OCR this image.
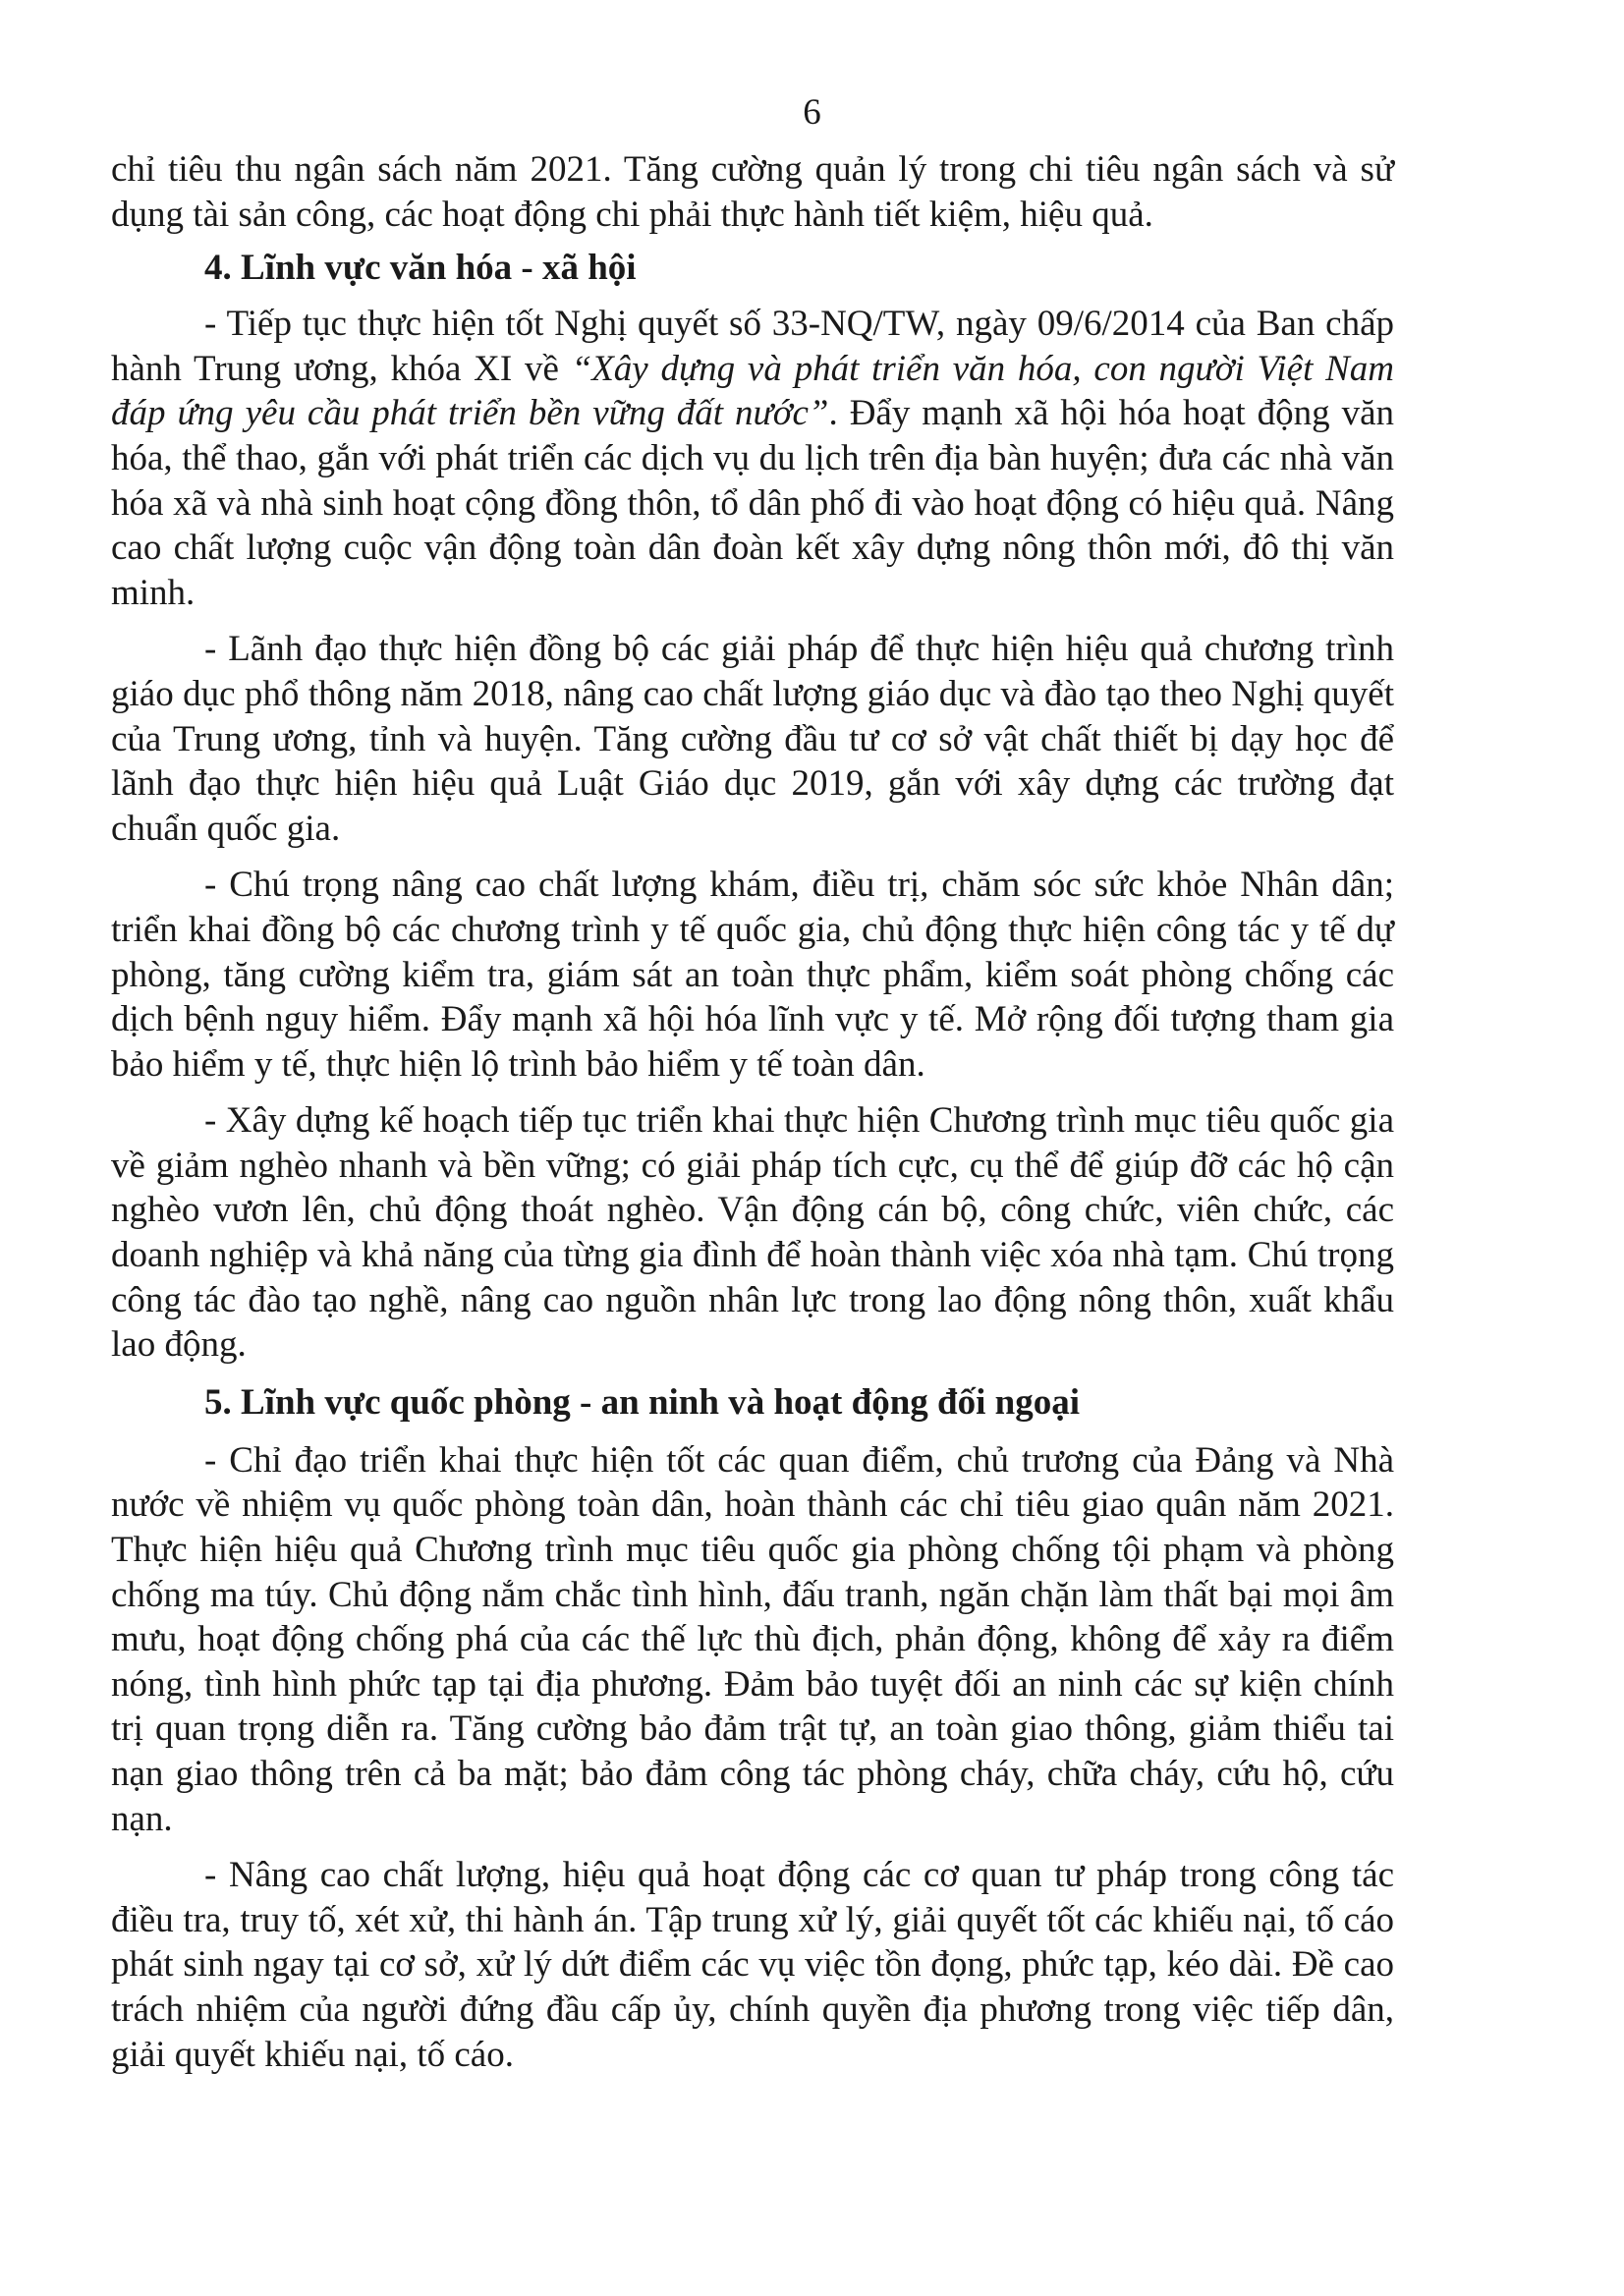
6

chỉ tiêu thu ngân sách năm 2021. Tăng cường quản lý trong chi tiêu ngân sách và sử dụng tài sản công, các hoạt động chi phải thực hành tiết kiệm, hiệu quả.

4. Lĩnh vực văn hóa - xã hội

- Tiếp tục thực hiện tốt Nghị quyết số 33-NQ/TW, ngày 09/6/2014 của Ban chấp hành Trung ương, khóa XI về “Xây dựng và phát triển văn hóa, con người Việt Nam đáp ứng yêu cầu phát triển bền vững đất nước”. Đẩy mạnh xã hội hóa hoạt động văn hóa, thể thao, gắn với phát triển các dịch vụ du lịch trên địa bàn huyện; đưa các nhà văn hóa xã và nhà sinh hoạt cộng đồng thôn, tổ dân phố đi vào hoạt động có hiệu quả. Nâng cao chất lượng cuộc vận động toàn dân đoàn kết xây dựng nông thôn mới, đô thị văn minh.

- Lãnh đạo thực hiện đồng bộ các giải pháp để thực hiện hiệu quả chương trình giáo dục phổ thông năm 2018, nâng cao chất lượng giáo dục và đào tạo theo Nghị quyết của Trung ương, tỉnh và huyện. Tăng cường đầu tư cơ sở vật chất thiết bị dạy học để lãnh đạo thực hiện hiệu quả Luật Giáo dục 2019, gắn với xây dựng các trường đạt chuẩn quốc gia.

- Chú trọng nâng cao chất lượng khám, điều trị, chăm sóc sức khỏe Nhân dân; triển khai đồng bộ các chương trình y tế quốc gia, chủ động thực hiện công tác y tế dự phòng, tăng cường kiểm tra, giám sát an toàn thực phẩm, kiểm soát phòng chống các dịch bệnh nguy hiểm. Đẩy mạnh xã hội hóa lĩnh vực y tế. Mở rộng đối tượng tham gia bảo hiểm y tế, thực hiện lộ trình bảo hiểm y tế toàn dân.

- Xây dựng kế hoạch tiếp tục triển khai thực hiện Chương trình mục tiêu quốc gia về giảm nghèo nhanh và bền vững; có giải pháp tích cực, cụ thể để giúp đỡ các hộ cận nghèo vươn lên, chủ động thoát nghèo. Vận động cán bộ, công chức, viên chức, các doanh nghiệp và khả năng của từng gia đình để hoàn thành việc xóa nhà tạm. Chú trọng công tác đào tạo nghề, nâng cao nguồn nhân lực trong lao động nông thôn, xuất khẩu lao động.

5. Lĩnh vực quốc phòng - an ninh và hoạt động đối ngoại

- Chỉ đạo triển khai thực hiện tốt các quan điểm, chủ trương của Đảng và Nhà nước về nhiệm vụ quốc phòng toàn dân, hoàn thành các chỉ tiêu giao quân năm 2021. Thực hiện hiệu quả Chương trình mục tiêu quốc gia phòng chống tội phạm và phòng chống ma túy. Chủ động nắm chắc tình hình, đấu tranh, ngăn chặn làm thất bại mọi âm mưu, hoạt động chống phá của các thế lực thù địch, phản động, không để xảy ra điểm nóng, tình hình phức tạp tại địa phương. Đảm bảo tuyệt đối an ninh các sự kiện chính trị quan trọng diễn ra. Tăng cường bảo đảm trật tự, an toàn giao thông, giảm thiểu tai nạn giao thông trên cả ba mặt; bảo đảm công tác phòng cháy, chữa cháy, cứu hộ, cứu nạn.

- Nâng cao chất lượng, hiệu quả hoạt động các cơ quan tư pháp trong công tác điều tra, truy tố, xét xử, thi hành án. Tập trung xử lý, giải quyết tốt các khiếu nại, tố cáo phát sinh ngay tại cơ sở, xử lý dứt điểm các vụ việc tồn đọng, phức tạp, kéo dài. Đề cao trách nhiệm của người đứng đầu cấp ủy, chính quyền địa phương trong việc tiếp dân, giải quyết khiếu nại, tố cáo.
